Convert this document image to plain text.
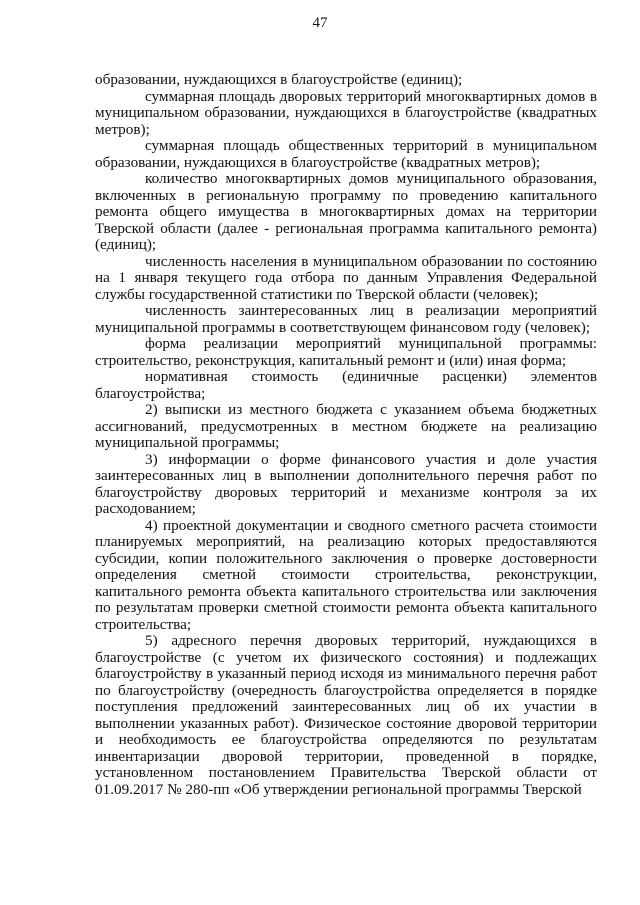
47

образовании, нуждающихся в благоустройстве (единиц);

суммарная площадь дворовых территорий многоквартирных домов в муниципальном образовании, нуждающихся в благоустройстве (квадратных метров);

суммарная площадь общественных территорий в муниципальном образовании, нуждающихся в благоустройстве (квадратных метров);

количество многоквартирных домов муниципального образования, включенных в региональную программу по проведению капитального ремонта общего имущества в многоквартирных домах на территории Тверской области (далее - региональная программа капитального ремонта) (единиц);

численность населения в муниципальном образовании по состоянию на 1 января текущего года отбора по данным Управления Федеральной службы государственной статистики по Тверской области (человек);

численность заинтересованных лиц в реализации мероприятий муниципальной программы в соответствующем финансовом году (человек);

форма реализации мероприятий муниципальной программы: строительство, реконструкция, капитальный ремонт и (или) иная форма;

нормативная стоимость (единичные расценки) элементов благоустройства;

2) выписки из местного бюджета с указанием объема бюджетных ассигнований, предусмотренных в местном бюджете на реализацию муниципальной программы;

3) информации о форме финансового участия и доле участия заинтересованных лиц в выполнении дополнительного перечня работ по благоустройству дворовых территорий и механизме контроля за их расходованием;

4) проектной документации и сводного сметного расчета стоимости планируемых мероприятий, на реализацию которых предоставляются субсидии, копии положительного заключения о проверке достоверности определения сметной стоимости строительства, реконструкции, капитального ремонта объекта капитального строительства или заключения по результатам проверки сметной стоимости ремонта объекта капитального строительства;

5) адресного перечня дворовых территорий, нуждающихся в благоустройстве (с учетом их физического состояния) и подлежащих благоустройству в указанный период исходя из минимального перечня работ по благоустройству (очередность благоустройства определяется в порядке поступления предложений заинтересованных лиц об их участии в выполнении указанных работ). Физическое состояние дворовой территории и необходимость ее благоустройства определяются по результатам инвентаризации дворовой территории, проведенной в порядке, установленном постановлением Правительства Тверской области от 01.09.2017 № 280-пп «Об утверждении региональной программы Тверской
